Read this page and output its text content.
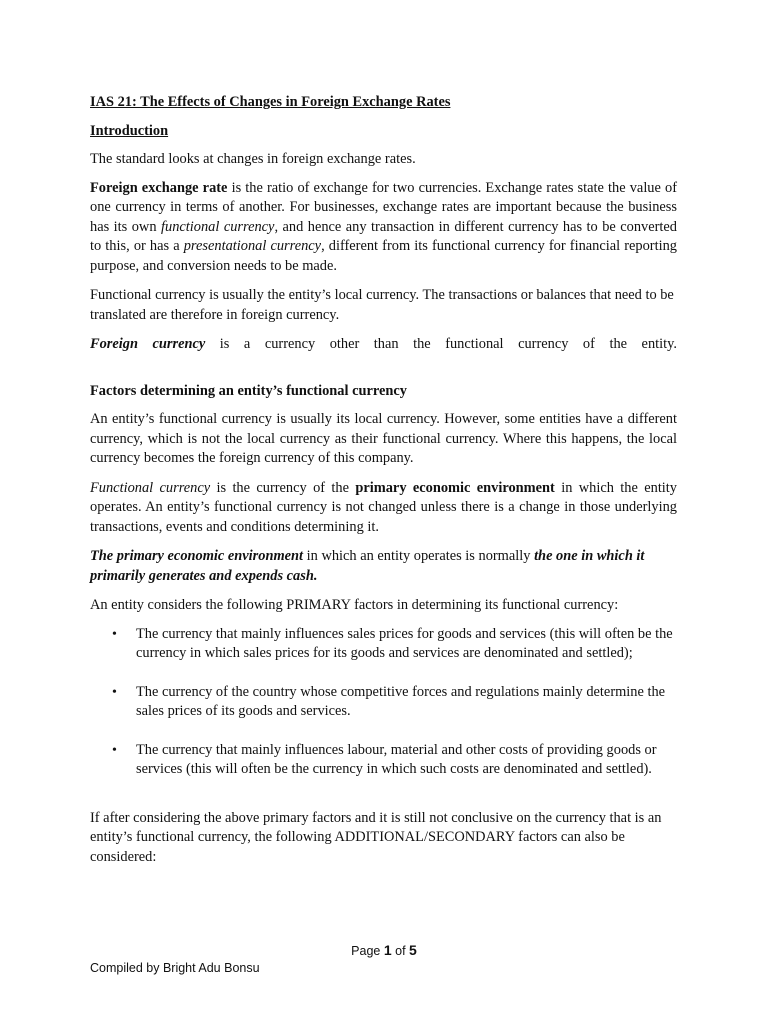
IAS 21: The Effects of Changes in Foreign Exchange Rates

Introduction

The standard looks at changes in foreign exchange rates.

Foreign exchange rate is the ratio of exchange for two currencies. Exchange rates state the value of one currency in terms of another. For businesses, exchange rates are important because the business has its own functional currency, and hence any transaction in different currency has to be converted to this, or has a presentational currency, different from its functional currency for financial reporting purpose, and conversion needs to be made.

Functional currency is usually the entity’s local currency. The transactions or balances that need to be translated are therefore in foreign currency.

Foreign currency is a currency other than the functional currency of the entity.

Factors determining an entity’s functional currency

An entity’s functional currency is usually its local currency. However, some entities have a different currency, which is not the local currency as their functional currency. Where this happens, the local currency becomes the foreign currency of this company.

Functional currency is the currency of the primary economic environment in which the entity operates. An entity’s functional currency is not changed unless there is a change in those underlying transactions, events and conditions determining it.

The primary economic environment in which an entity operates is normally the one in which it primarily generates and expends cash.

An entity considers the following PRIMARY factors in determining its functional currency:

• The currency that mainly influences sales prices for goods and services (this will often be the currency in which sales prices for its goods and services are denominated and settled);
• The currency of the country whose competitive forces and regulations mainly determine the sales prices of its goods and services.
• The currency that mainly influences labour, material and other costs of providing goods or services (this will often be the currency in which such costs are denominated and settled).

If after considering the above primary factors and it is still not conclusive on the currency that is an entity’s functional currency, the following ADDITIONAL/SECONDARY factors can also be considered:

Page 1 of 5
Compiled by Bright Adu Bonsu
